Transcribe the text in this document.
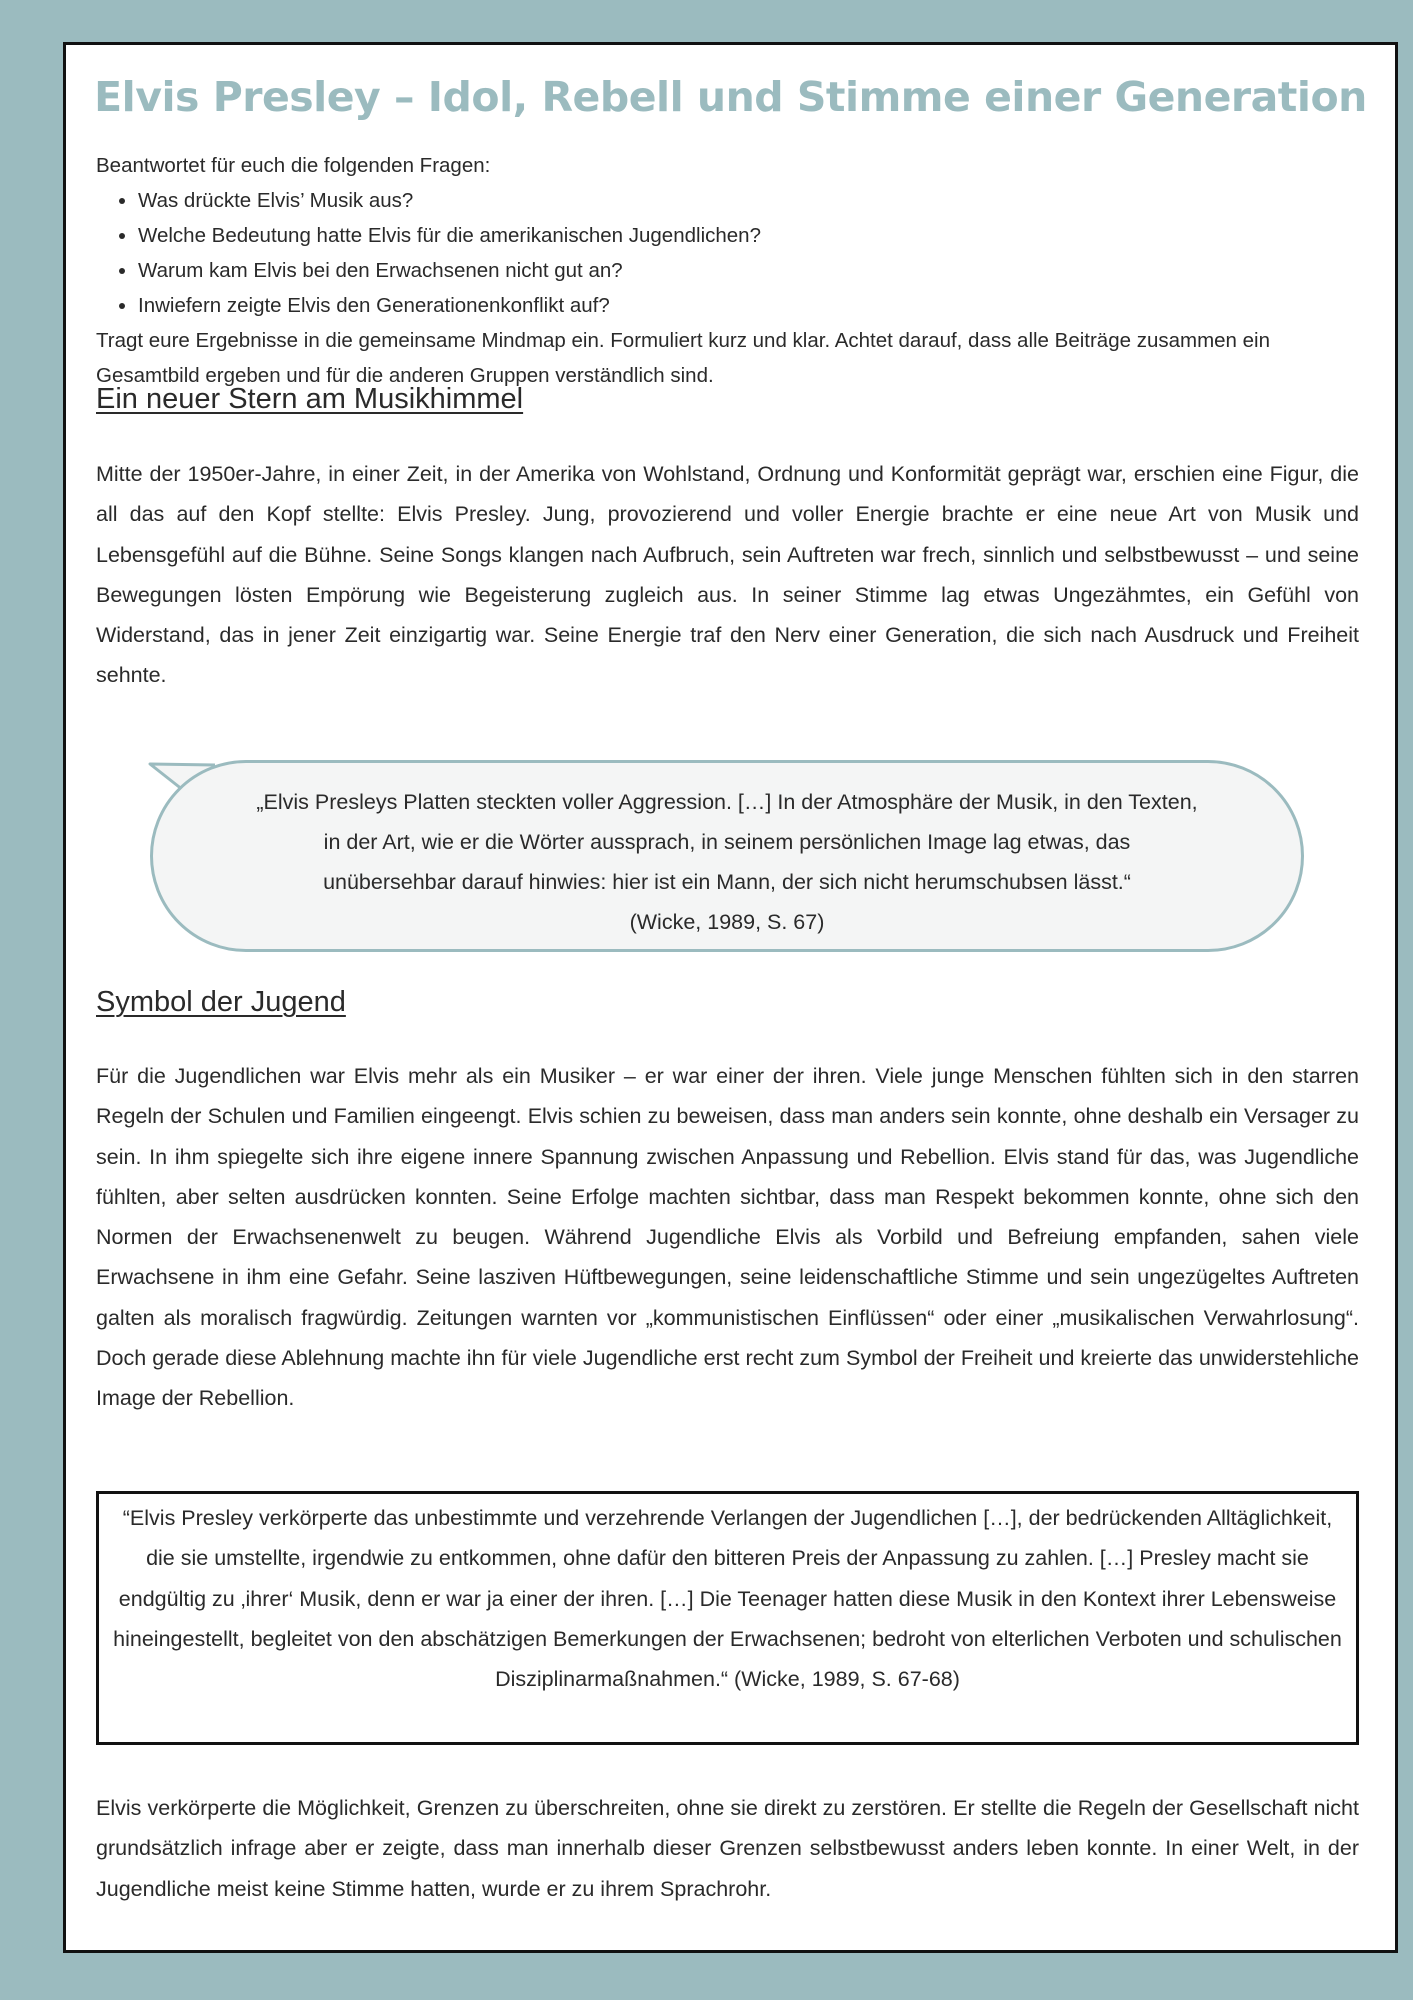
Elvis Presley – Idol, Rebell und Stimme einer Generation

Beantwortet für euch die folgenden Fragen:

• Was drückte Elvis’ Musik aus?
• Welche Bedeutung hatte Elvis für die amerikanischen Jugendlichen?
• Warum kam Elvis bei den Erwachsenen nicht gut an?
• Inwiefern zeigte Elvis den Generationenkonflikt auf?

Tragt eure Ergebnisse in die gemeinsame Mindmap ein. Formuliert kurz und klar. Achtet darauf, dass alle Beiträge zusammen ein Gesamtbild ergeben und für die anderen Gruppen verständlich sind.

Ein neuer Stern am Musikhimmel

Mitte der 1950er-Jahre, in einer Zeit, in der Amerika von Wohlstand, Ordnung und Konformität geprägt war, erschien eine Figur, die all das auf den Kopf stellte: Elvis Presley. Jung, provozierend und voller Energie brachte er eine neue Art von Musik und Lebensgefühl auf die Bühne. Seine Songs klangen nach Aufbruch, sein Auftreten war frech, sinnlich und selbstbewusst – und seine Bewegungen lösten Empörung wie Begeisterung zugleich aus. In seiner Stimme lag etwas Ungezähmtes, ein Gefühl von Widerstand, das in jener Zeit einzigartig war. Seine Energie traf den Nerv einer Generation, die sich nach Ausdruck und Freiheit sehnte.

„Elvis Presleys Platten steckten voller Aggression. […] In der Atmosphäre der Musik, in den Texten,

in der Art, wie er die Wörter aussprach, in seinem persönlichen Image lag etwas, das

unübersehbar darauf hinwies: hier ist ein Mann, der sich nicht herumschubsen lässt.“

(Wicke, 1989, S. 67)

Symbol der Jugend

Für die Jugendlichen war Elvis mehr als ein Musiker – er war einer der ihren. Viele junge Menschen fühlten sich in den starren Regeln der Schulen und Familien eingeengt. Elvis schien zu beweisen, dass man anders sein konnte, ohne deshalb ein Versager zu sein. In ihm spiegelte sich ihre eigene innere Spannung zwischen Anpassung und Rebellion. Elvis stand für das, was Jugendliche fühlten, aber selten ausdrücken konnten. Seine Erfolge machten sichtbar, dass man Respekt bekommen konnte, ohne sich den Normen der Erwachsenenwelt zu beugen. Während Jugendliche Elvis als Vorbild und Befreiung empfanden, sahen viele Erwachsene in ihm eine Gefahr. Seine lasziven Hüftbewegungen, seine leidenschaftliche Stimme und sein ungezügeltes Auftreten galten als moralisch fragwürdig. Zeitungen warnten vor „kommunistischen Einflüssen“ oder einer „musikalischen Verwahrlosung“. Doch gerade diese Ablehnung machte ihn für viele Jugendliche erst recht zum Symbol der Freiheit und kreierte das unwiderstehliche Image der Rebellion.

“Elvis Presley verkörperte das unbestimmte und verzehrende Verlangen der Jugendlichen […], der bedrückenden Alltäglichkeit, die sie umstellte, irgendwie zu entkommen, ohne dafür den bitteren Preis der Anpassung zu zahlen. […] Presley macht sie endgültig zu ‚ihrer‘ Musik, denn er war ja einer der ihren. […] Die Teenager hatten diese Musik in den Kontext ihrer Lebensweise hineingestellt, begleitet von den abschätzigen Bemerkungen der Erwachsenen; bedroht von elterlichen Verboten und schulischen Disziplinarmaßnahmen.“ (Wicke, 1989, S. 67-68)

Elvis verkörperte die Möglichkeit, Grenzen zu überschreiten, ohne sie direkt zu zerstören. Er stellte die Regeln der Gesellschaft nicht grundsätzlich infrage aber er zeigte, dass man innerhalb dieser Grenzen selbstbewusst anders leben konnte. In einer Welt, in der Jugendliche meist keine Stimme hatten, wurde er zu ihrem Sprachrohr.
